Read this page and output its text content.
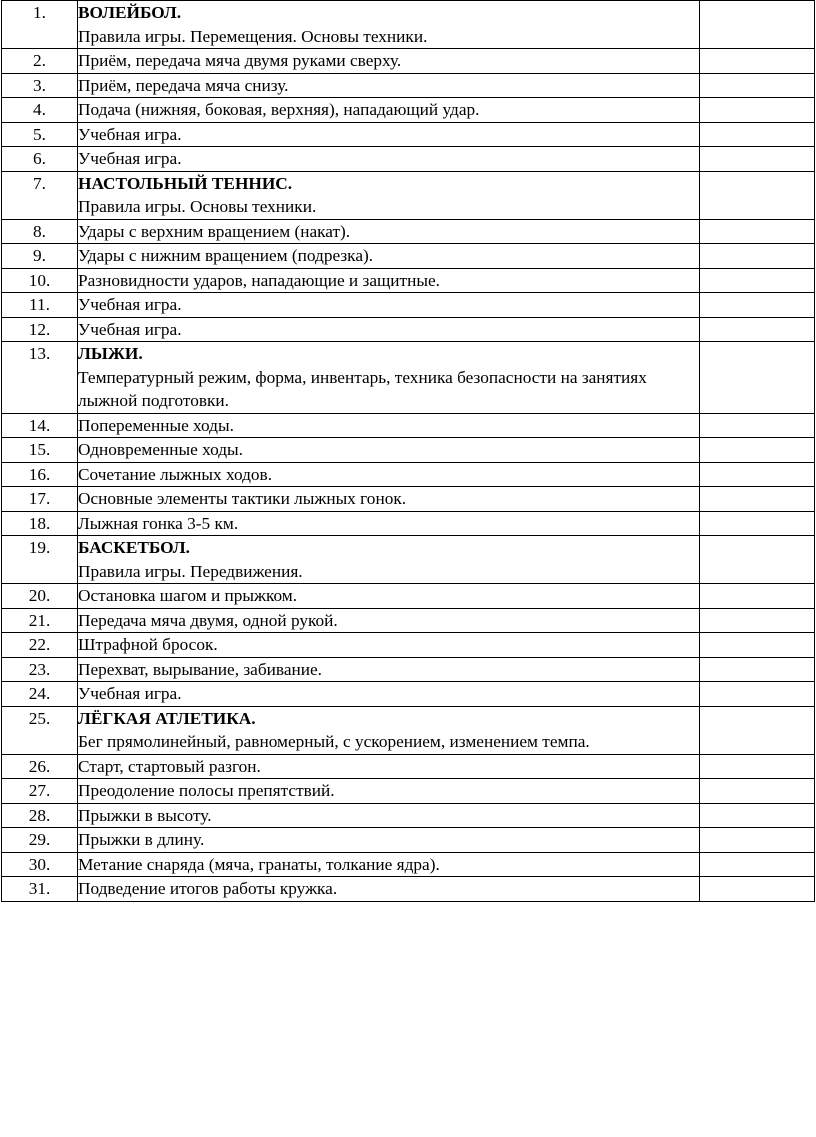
1.	ВОЛЕЙБОЛ.
Правила игры. Перемещения. Основы техники.	

2.	Приём, передача мяча двумя руками сверху.	

3.	Приём, передача мяча снизу.	

4.	Подача (нижняя, боковая, верхняя), нападающий удар.	

5.	Учебная игра.	

6.	Учебная игра.	

7.	НАСТОЛЬНЫЙ ТЕННИС.
Правила игры. Основы техники.	

8.	Удары с верхним вращением (накат).	

9.	Удары с нижним вращением (подрезка).	

10.	Разновидности ударов, нападающие и защитные.	

11.	Учебная игра.	

12.	Учебная игра.	

13.	ЛЫЖИ.
Температурный режим, форма, инвентарь, техника безопасности на занятиях лыжной подготовки.	

14.	Попеременные ходы.	

15.	Одновременные ходы.	

16.	Сочетание лыжных ходов.	

17.	Основные элементы тактики лыжных гонок.	

18.	Лыжная гонка 3-5 км.	

19.	БАСКЕТБОЛ.
Правила игры. Передвижения.	

20.	Остановка шагом и прыжком.	

21.	Передача мяча двумя, одной рукой.	

22.	Штрафной бросок.	

23.	Перехват, вырывание, забивание.	

24.	Учебная игра.	

25.	ЛЁГКАЯ АТЛЕТИКА.
Бег прямолинейный, равномерный, с ускорением, изменением темпа.	

26.	Старт, стартовый разгон.	

27.	Преодоление полосы препятствий.	

28.	Прыжки в высоту.	

29.	Прыжки в длину.	

30.	Метание снаряда (мяча, гранаты, толкание ядра).	

31.	Подведение итогов работы кружка.	
